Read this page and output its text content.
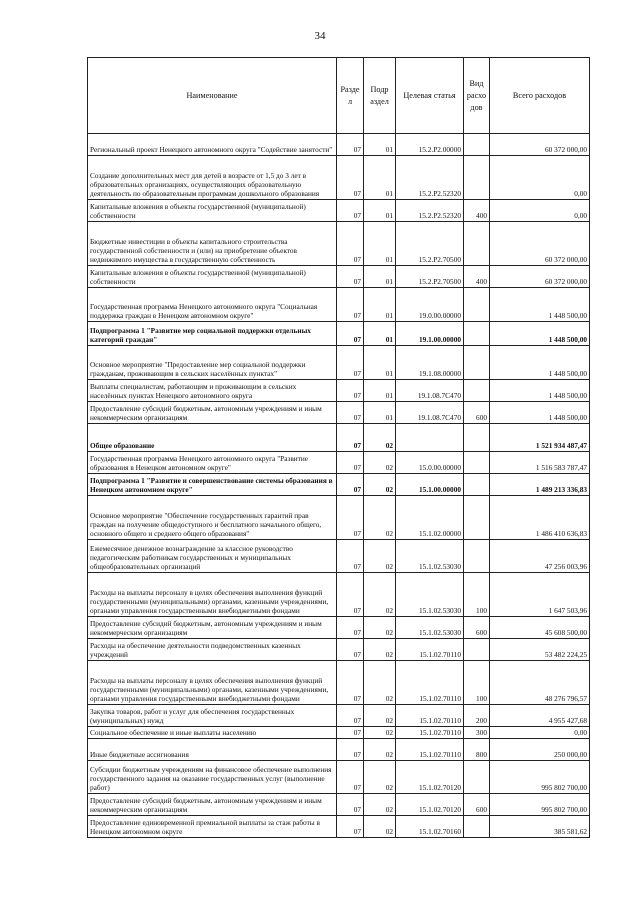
34
Наименование	Разде л	Подр аздел	Целевая статья	Вид расхо дов	Всего расходов
Региональный проект Ненецкого автономного округа "Содействие занятости"	07	01	15.2.P2.00000		60 372 000,00
Создание дополнительных мест для детей в возрасте от 1,5 до 3 лет в образовательных организациях, осуществляющих образовательную деятельность по образовательным программам дошкольного образования	07	01	15.2.P2.52320		0,00
Капитальные вложения в объекты государственной (муниципальной) собственности	07	01	15.2.P2.52320	400	0,00
Бюджетные инвестиции в объекты капитального строительства государственной собственности и (или) на приобретение объектов недвижимого имущества в государственную собственность	07	01	15.2.P2.70500		60 372 000,00
Капитальные вложения в объекты государственной (муниципальной) собственности	07	01	15.2.P2.70500	400	60 372 000,00
Государственная программа Ненецкого автономного округа "Социальная поддержка граждан в Ненецком автономном округе"	07	01	19.0.00.00000		1 448 500,00
Подпрограмма 1 "Развитие мер социальной поддержки отдельных категорий граждан"	07	01	19.1.00.00000		1 448 500,00
Основное мероприятие "Предоставление мер социальной поддержки гражданам, проживающим в сельских населённых пунктах"	07	01	19.1.08.00000		1 448 500,00
Выплаты специалистам, работающим и проживающим в сельских населённых пунктах Ненецкого автономного округа	07	01	19.1.08.7С470		1 448 500,00
Предоставление субсидий бюджетным, автономным учреждениям и иным некоммерческим организациям	07	01	19.1.08.7С470	600	1 448 500,00
Общее образование	07	02			1 521 934 487,47
Государственная программа Ненецкого автономного округа "Развитие образования в Ненецком автономном округе"	07	02	15.0.00.00000		1 516 583 787,47
Подпрограмма 1 "Развитие и совершенствование системы образования в Ненецком автономном округе"	07	02	15.1.00.00000		1 489 213 336,83
Основное мероприятие "Обеспечение государственных гарантий прав граждан на получение общедоступного и бесплатного начального общего, основного общего и среднего общего образования"	07	02	15.1.02.00000		1 486 410 636,83
Ежемесячное денежное вознаграждение за классное руководство педагогическим работникам государственных и муниципальных общеобразовательных организаций	07	02	15.1.02.53030		47 256 003,96
Расходы на выплаты персоналу в целях обеспечения выполнения функций государственными (муниципальными) органами, казенными учреждениями, органами управления государственными внебюджетными фондами	07	02	15.1.02.53030	100	1 647 503,96
Предоставление субсидий бюджетным, автономным учреждениям и иным некоммерческим организациям	07	02	15.1.02.53030	600	45 608 500,00
Расходы на обеспечение деятельности подведомственных казенных учреждений	07	02	15.1.02.70110		53 482 224,25
Расходы на выплаты персоналу в целях обеспечения выполнения функций государственными (муниципальными) органами, казенными учреждениями, органами управления государственными внебюджетными фондами	07	02	15.1.02.70110	100	48 276 796,57
Закупка товаров, работ и услуг для обеспечения государственных (муниципальных) нужд	07	02	15.1.02.70110	200	4 955 427,68
Социальное обеспечение и иные выплаты населению	07	02	15.1.02.70110	300	0,00
Иные бюджетные ассигнования	07	02	15.1.02.70110	800	250 000,00
Субсидии бюджетным учреждениям на финансовое обеспечение выполнения государственного задания на оказание государственных услуг (выполнение работ)	07	02	15.1.02.70120		995 802 700,00
Предоставление субсидий бюджетным, автономным учреждениям и иным некоммерческим организациям	07	02	15.1.02.70120	600	995 802 700,00
Предоставление единовременной премиальной выплаты за стаж работы в Ненецком автономном округе	07	02	15.1.02.70160		385 581,62
